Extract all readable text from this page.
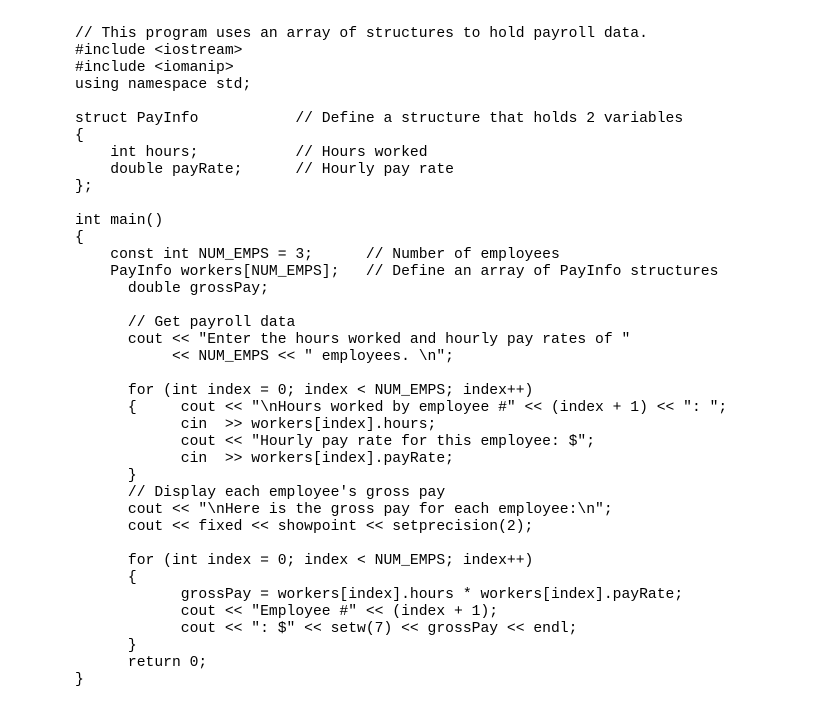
// This program uses an array of structures to hold payroll data.

#include <iostream>

#include <iomanip>

using namespace std;

struct PayInfo           // Define a structure that holds 2 variables

{

int hours;           // Hours worked

double payRate;      // Hourly pay rate

};

int main()

{

const int NUM_EMPS = 3;      // Number of employees

PayInfo workers[NUM_EMPS];   // Define an array of PayInfo structures

double grossPay;

// Get payroll data

cout << "Enter the hours worked and hourly pay rates of "

<< NUM_EMPS << " employees. \n";

for (int index = 0; index < NUM_EMPS; index++)

{     cout << "\nHours worked by employee #" << (index + 1) << ": ";

cin  >> workers[index].hours;

cout << "Hourly pay rate for this employee: $";

cin  >> workers[index].payRate;

}

// Display each employee's gross pay

cout << "\nHere is the gross pay for each employee:\n";

cout << fixed << showpoint << setprecision(2);

for (int index = 0; index < NUM_EMPS; index++)

{

grossPay = workers[index].hours * workers[index].payRate;

cout << "Employee #" << (index + 1);

cout << ": $" << setw(7) << grossPay << endl;

}

return 0;

}
